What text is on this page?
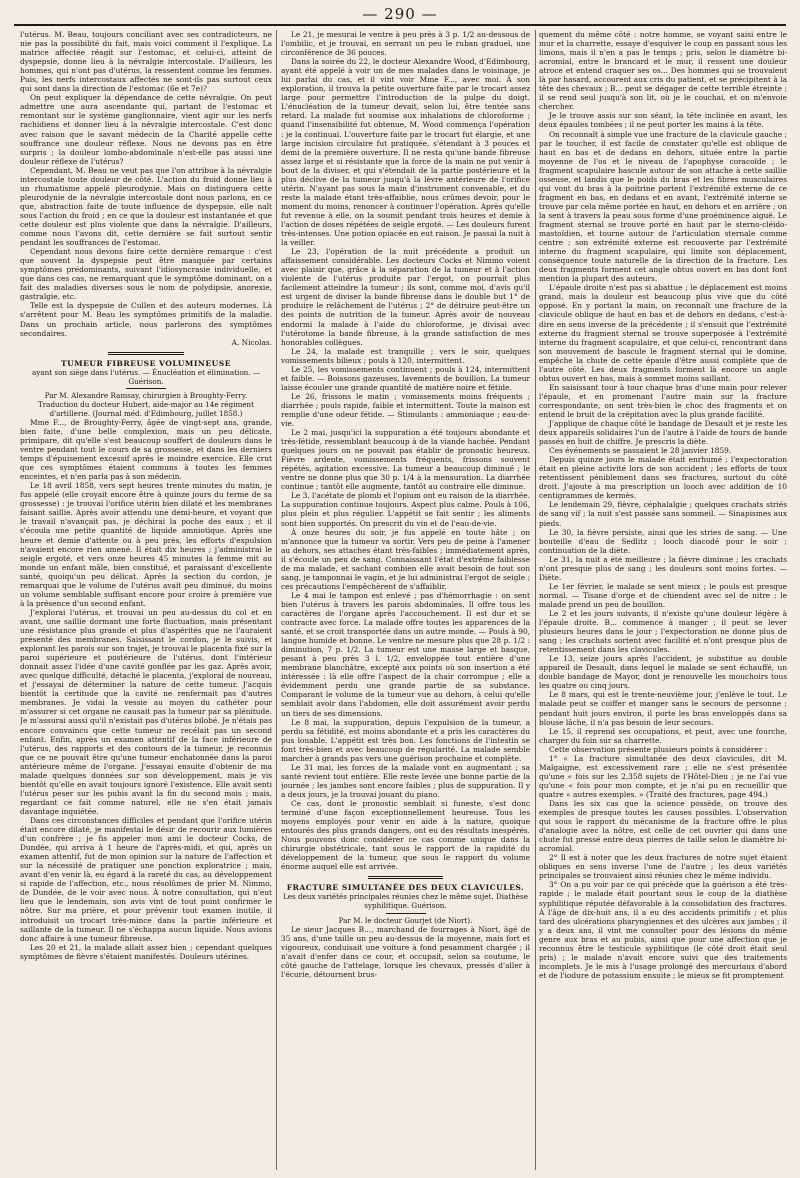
— 290 —

l'utérus. M. Beau, toujours conciliant avec ses contradicteurs, ne nie pas la possibilité du fait, mais voici comment il l'explique. La matrice affectée réagit sur l'estomac, et celui-ci, atteint de dyspepsie, donne lieu à la névralgie intercostale. D'ailleurs, les hommes, qui n'ont pas d'utérus, la ressentent comme les femmes. Puis, les nerfs intercostaux affectés ne sont-ils pas surtout ceux qui sont dans la direction de l'estomac (6e et 7e)?

On peut expliquer la dépendance de cette névralgie. On peut admettre une aura ascendante qui, partant de l'estomac et remontant sur le système ganglionnaire, vient agir sur les nerfs rachidiens et donner lieu à la névralgie intercostale. C'est donc avec raison que le savant médecin de la Charité appelle cette souffrance une douleur réflexe. Nous ne devons pas en être surpris ; la douleur lombo-abdominale n'est-elle pas aussi une douleur réflexe de l'utérus?

Cependant, M. Beau ne veut pas que l'on attribue à la névralgie intercostale toute douleur de côté. L'action du froid donne lieu à un rhumatisme appelé pleurodynie. Mais on distinguera cette pleurodynie de la névralgie intercostale dont nous parlons, en ce que, abstraction faite de toute influence de dyspepsie, elle naît sous l'action du froid ; en ce que la douleur est instantanée et que cette douleur est plus violente que dans la névralgie. D'ailleurs, comme nous l'avons dit, cette dernière se fait surtout sentir pendant les souffrances de l'estomac.

Cependant nous devons faire cette dernière remarque : c'est que souvent la dyspepsie peut être masquée par certains symptômes prédominants, suivant l'idiosyncrasie individuelle, et que dans ces cas, ne remarquant que le symptôme dominant, on a fait des maladies diverses sous le nom de polydipsie, anorexie, gastralgie, etc.

Telle est la dyspepsie de Cullen et des auteurs modernes. Là s'arrêtent pour M. Beau les symptômes primitifs de la maladie. Dans un prochain article, nous parlerons des symptômes secondaires.

A. Nicolas.

TUMEUR FIBREUSE VOLUMINEUSE

ayant son siège dans l'utérus. — Énucléation et élimination. — Guérison.

Par M. Alexandre Ramsay, chirurgien à Broughty-Ferry.

Traduction du docteur Hubert, aide-major au 14e régiment d'artillerie. (Journal méd. d'Edimbourg, juillet 1858.)

Mme F..., de Broughty-Ferry, âgée de vingt-sept ans, grande, bien faite, d'une belle complexion, mais un peu délicate, primipare, dit qu'elle s'est beaucoup souffert de douleurs dans le ventre pendant tout le cours de sa grossesse, et dans les derniers temps d'épuisement excessif après le moindre exercice. Elle crut que ces symptômes étaient communs à toutes les femmes enceintes, et n'en parla pas à son médecin.

Le 18 avril 1858, vers sept heures trente minutes du matin, je fus appelé (elle croyait encore être à quinze jours du terme de sa grossesse) : je trouvai l'orifice utérin bien dilaté et les membranes faisant saillie. Après avoir attendu une demi-heure, et voyant que le travail n'avançait pas, je déchirai la poche des eaux ; et il s'écoula une petite quantité de liquide amniotique. Après une heure et demie d'attente ou à peu près, les efforts d'expulsion n'avaient encore rien amené. Il était dix heures ; j'administrai le seigle ergoté, et vers onze heures 45 minutes la femme mit au monde un enfant mâle, bien constitué, et paraissant d'excellente santé, quoiqu'un peu délicat. Après la section du cordon, je remarquai que le volume de l'utérus avait peu diminué, du moins un volume semblable suffisant encore pour croire à première vue à la présence d'un second enfant.

J'explorai l'utérus, et trouvai un peu au-dessus du col et en avant, une saillie dormant une forte fluctuation, mais présentant une résistance plus grande et plus d'aspérités que ne l'auraient présenté des membranes. Saisissant le cordon, je le suivis, et explorant les parois sur son trajet, je trouvai le placenta fixé sur la paroi supérieure et postérieure de l'utérus, dont l'intérieur donnait assez l'idée d'une cavité gonflée par les gaz. Après avoir, avec quelque difficulté, détaché le placenta, j'explorai de nouveau, et j'essayai de déterminer la nature de cette tumeur. J'acquis bientôt la certitude que la cavité ne renfermait pas d'autres membranes. Je vidai la vessie au moyen du cathéter pour m'assurer si cet organe ne causait pas la tumeur par sa plénitude. Je m'assurai aussi qu'il n'existait pas d'utérus bilobé. Je n'étais pas encore convaincu que cette tumeur ne recélait pas un second enfant. Enfin, après un examen attentif de la face inférieure de l'utérus, des rapports et des contours de la tumeur, je reconnus que ce ne pouvait être qu'une tumeur enchatonnée dans la paroi antérieure même de l'organe. J'essayai ensuite d'obtenir de ma malade quelques données sur son développement, mais je vis bientôt qu'elle en avait toujours ignoré l'existence. Elle avait senti l'utérus peser sur les pubis avant la fin du second mois ; mais, regardant ce fait comme naturel, elle ne s'en était jamais davantage inquiétée.

Dans ces circonstances difficiles et pendant que l'orifice utérin était encore dilaté, je manifestai le désir de recourir aux lumières d'un confrère ; je fis appeler mon ami le docteur Cocks, de Dundée, qui arriva à 1 heure de l'après-midi, et qui, après un examen attentif, fut de mon opinion sur la nature de l'affection et sur la nécessité de pratiquer une ponction exploratrice ; mais, avant d'en venir là, eu égard à la rareté du cas, au développement si rapide de l'affection, etc., nous résolûmes de prier M. Nimmo, de Dundée, de le voir avec nous. À notre consultation, qui n'eut lieu que le lendemain, son avis vint de tout point confirmer le nôtre. Sur ma prière, et pour prévenir tout examen inutile, il introduisit un trocart très-mince dans la partie inférieure et saillante de la tumeur. Il ne s'échappa aucun liquide. Nous avions donc affaire à une tumeur fibreuse.

Les 20 et 21, la malade allait assez bien ; cependant quelques symptômes de fièvre s'étaient manifestés. Douleurs utérines.

Le 21, je mesurai le ventre à peu près à 3 p. 1/2 au-dessous de l'ombilic, et je trouvai, en serrant un peu le ruban graduel, une circonférence de 36 pouces.

Dans la soirée du 22, le docteur Alexandre Wood, d'Edimbourg, ayant été appelé à voir un de mes malades dans le voisinage, je lui parlai du cas, et il vint voir Mme F..., avec moi. À son exploration, il trouva la petite ouverture faite par le trocart assez large pour permettre l'introduction de la pulpe du doigt. L'énucléation de la tumeur devait, selon lui, être tentée sans retard. La malade fut soumise aux inhalations de chloroforme ; quand l'insensibilité fut obtenue, M. Wood commença l'opération : je la continuai. L'ouverture faite par le trocart fut élargie, et une large incision circulaire fut pratiquée, s'étendant à 3 pouces et demi de la première ouverture. Il ne resta qu'une bande fibreuse assez large et si résistante que la force de la main ne put venir à bout de la diviser, et qui s'étendait de la partie postérieure et la plus déclive de la tumeur jusqu'à la lèvre antérieure de l'orifice utérin. N'ayant pas sous la main d'instrument convenable, et du reste la malade étant très-affaiblie, nous crûmes devoir, pour le moment du moins, renoncer à continuer l'opération. Après qu'elle fut revenue à elle, on la soumit pendant trois heures et demie à l'action de doses répétées de seigle ergoté. — Les douleurs furent très-intenses. Une potion opiacée en eut raison. Je passai la nuit à la veiller.

Le 23, l'opération de la nuit précédente a produit un affaissement considérable. Les docteurs Cocks et Nimmo voient avec plaisir que, grâce à la séparation de la tumeur et à l'action violente de l'utérus produite par l'ergot, on pourrait plus facilement atteindre la tumeur ; ils sont, comme moi, d'avis qu'il est urgent de diviser la bande fibreuse dans le double but 1° de produire le relâchement de l'utérus ; 2° de détruire peut-être un des points de nutrition de la tumeur. Après avoir de nouveau endormi la malade à l'aide du chloroforme, je divisai avec l'utérotome la bande fibreuse, à la grande satisfaction de mes honorables collègues.

Le 24, la malade est tranquille ; vers le soir, quelques vomissements bilieux ; pouls à 120, intermittent.

Le 25, les vomissements continuent ; pouls à 124, intermittent et faible. — Boissons gazeuses, lavements de bouillon. La tumeur laisse écouler une grande quantité de matière noire et fétide.

Le 26, frissons le matin ; vomissements moins fréquents ; diarrhée ; pouls rapide, faible et intermittent. Toute la maison est remplie d'une odeur fétide. — Stimulants : ammoniaque ; eau-de-vie.

Le 2 mai, jusqu'ici la suppuration a été toujours abondante et très-fétide, ressemblant beaucoup à de la viande hachée. Pendant quelques jours on ne pouvait pas établir de pronostic heureux. Fièvre ardente, vomissements fréquents, frissons souvent répétés, agitation excessive. La tumeur a beaucoup diminué ; le ventre ne donne plus que 30 p. 1/4 à la mensuration. La diarrhée continue ; tantôt elle augmente, tantôt au contraire elle diminue.

Le 3, l'acétate de plomb et l'opium ont eu raison de la diarrhée. La suppuration continue toujours. Aspect plus calme. Pouls à 106, plus plein et plus régulier. L'appétit se fait sentir ; les aliments sont bien supportés. On prescrit du vin et de l'eau-de-vie.

À onze heures du soir, je fus appelé en toute hâte ; on m'annonce que la tumeur va sortir. Vers peu de peine à l'amener au dehors, ses attaches étant très-faibles ; immédiatement après, il s'écoule un peu de sang. Connaissant l'état d'extrême faiblesse de ma malade, et sachant combien elle avait besoin de tout son sang, je tamponnai le vagin, et je lui administrai l'ergot de seigle ; ces précautions l'empêchèrent de s'affaiblir.

Le 4 mai le tampon est enlevé ; pas d'hémorrhagie : on sent bien l'utérus à travers les parois abdominales. Il offre tous les caractères de l'organe après l'accouchement. Il est dur et se contracte avec force. La malade offre toutes les apparences de la santé, et se croit transportée dans un autre monde. — Pouls à 90, langue humide et bonne. Le ventre ne mesure plus que 28 p. 1/2 : diminution, 7 p. 1/2. La tumeur est une masse large et basque, pesant à peu près 3 l. 1/2, enveloppée tout entière d'une membrane blanchâtre, excepté aux points où son insertion a été intéressée : là elle offre l'aspect de la chair corrompue ; elle a évidemment perdu une grande partie de sa substance. Comparant le volume de la tumeur vue au dehors, à celui qu'elle semblait avoir dans l'abdomen, elle doit assurément avoir perdu un tiers de ses dimensions.

Le 8 mai, la suppuration, depuis l'expulsion de la tumeur, a perdu sa fétidité, est moins abondante et a pris les caractères du pus louable. L'appétit est très bon. Les fonctions de l'intestin se font très-bien et avec beaucoup de régularité. La malade semble marcher à grands pas vers une guérison prochaine et complète.

Le 31 mai, les forces de la malade vont en augmentant ; sa santé revient tout entière. Elle reste levée une bonne partie de la journée ; les jambes sont encore faibles ; plus de suppuration. Il y a deux jours, je la trouvai jouant du piano.

Ce cas, dont le pronostic semblait si funeste, s'est donc terminé d'une façon exceptionnellement heureuse. Tous les moyens employés pour venir en aide à la nature, quoique entourés des plus grands dangers, ont eu des résultats inespérés. Nous pouvons donc considérer ce cas comme unique dans la chirurgie obstétricale, tant sous le rapport de la rapidité du développement de la tumeur, que sous le rapport du volume énorme auquel elle est arrivée.

FRACTURE SIMULTANÉE DES DEUX CLAVICULES.

Les deux variétés principales réunies chez le même sujet. Diathèse syphilitique. Guérison.

Par M. le docteur Gourjet (de Niort).

Le sieur Jacques B..., marchand de fourrages à Niort, âgé de 35 ans, d'une taille un peu au-dessus de la moyenne, mais fort et vigoureux, conduisait une voiture à fond pesamment chargée ; il n'avait d'enfer dans ce cour, et occupait, selon sa coutume, le côté gauche de l'attelage, lorsque les chevaux, pressés d'aller à l'écurie, détournent brus-

quement du même côté : notre homme, se voyant saisi entre le mur et la charrette, essaye d'esquiver le coup en passant sous les limons, mais il n'en a pas le temps ; pris, selon le diamètre bi-acromial, entre le brancard et le mur, il ressent une douleur atroce et entend craquer ses os... Des hommes qui se trouvaient là par hasard, accourent aux cris du patient, et se précipitent à la tête des chevaux ; B... peut se dégager de cette terrible étreinte ; il se rend seul jusqu'à son lit, où je le couchai, et on m'envoie chercher.

Je le trouve assis sur son séant, la tête inclinée en avant, les deux épaules tombées ; il ne peut porter les mains à la tête.

On reconnaît à simple vue une fracture de la clavicule gauche ; par le toucher, il est facile de constater qu'elle est oblique de haut en bas et de dedans en dehors, située entre la partie moyenne de l'os et le niveau de l'apophyse coracoïde ; le fragment scapulaire bascule autour de son attache à cette saillie osseuse, et landis que le poids du bras et les fibres musculaires qui vont du bras à la poitrine portent l'extrémité externe de ce fragment en bas, en dedans et en avant, l'extrémité interne se trouve par cela même portée en haut, en dehors et en arrière ; on la sent à travers la peau sous forme d'une proéminence aiguë. Le fragment sternal se trouve porté en haut par le sterno-cléido-mastoïdien, et tourne autour de l'articulation sternale comme centre ; son extrémité externe est recouverte par l'extrémité interne du fragment scapulaire, qui limite son déplacement, conséquence toute naturelle de la direction de la fracture. Les deux fragments forment cet angle obtus ouvert en bas dont font mention la plupart des auteurs.

L'épaule droite n'est pas si abattue ; le déplacement est moins grand, mais la douleur est beaucoup plus vive que du côté opposé. En y portant la main, on reconnaît une fracture de la clavicule oblique de haut en bas et de dehors en dedans, c'est-à-dire en sens inverse de la précédente ; il s'ensuit que l'extrémité externe du fragment sternal se trouve superposée à l'extrémité interne du fragment scapulaire, et que celui-ci, rencontrant dans son mouvement de bascule le fragment sternal qui le domine, empêche la chute de cette épaule d'être aussi complète que de l'autre côté. Les deux fragments forment là encore un angle obtus ouvert en bas, mais à sommet moins saillant.

En saisissant tour à tour chaque bras d'une main pour relever l'épaule, et en promenant l'autre main sur la fracture correspondante, on sent très-bien le choc des fragments et on entend le bruit de la crépitation avec la plus grande facilité.

J'applique de chaque côté le bandage de Desault et je reste les deux appareils solidaires l'un de l'autre à l'aide de tours de bande passés en huit de chiffre. Je prescris la diète.

Ces événements se passaient le 28 janvier 1859.

Depuis quinze jours le malade était enrhumé ; l'expectoration était en pleine activité lors de son accident ; les efforts de toux retentissent péniblement dans ses fractures, surtout du côté droit. J'ajoute à ma prescription un looch avec addition de 10 centigrammes de kermès.

Le lendemain 29, fièvre, céphalalgie ; quelques crachats striés de sang vif ; la nuit s'est passée sans sommeil. — Sinapismes aux pieds.

Le 30, la fièvre persiste, ainsi que les stries de sang. — Une bouteille d'eau de Sedlitz ; looch diacodé pour le soir ; continuation de la diète.

Le 31, la nuit a été meilleure ; la fièvre diminue ; les crachats n'ont presque plus de sang ; les douleurs sont moins fortes. — Diète.

Le 1er février, le malade se sent mieux ; le pouls est presque normal. — Tisane d'orge et de chiendent avec sel de nitre ; le malade prend un peu de bouillon.

Le 2 et les jours suivants, il n'existe qu'une douleur légère à l'épaule droite. B... commence à manger ; il peut se lever plusieurs heures dans le jour ; l'expectoration ne donne plus de sang ; les crachats sortent avec facilité et n'ont presque plus de retentissement dans les clavicules.

Le 13, seize jours après l'accident, je substitue au double appareil de Desault, dans lequel le malade se sent échauffé, un double bandage de Mayor, dont je renouvelle les mouchoirs tous les quatre ou cinq jours.

Le 8 mars, qui est le trente-neuvième jour, j'enlève le tout. Le malade peut se coiffer et manger sans le secours de personne ; pendant huit jours environ, il porte les bras enveloppés dans sa blouse lâche, il n'a pas besoin de leur secours.

Le 15, il reprend ses occupations, et peut, avec une fourche, charger du foin sur sa charrette.

Cette observation présente plusieurs points à considérer :

1° « La fracture simultanée des deux clavicules, dit M. Malgaigne, est excessivement rare ; elle ne s'est présentée qu'une « fois sur les 2,358 sujets de l'Hôtel-Dieu ; je ne l'ai vue qu'une « fois pour mon compte, et je n'ai pu en recueillir que quatre « autres exemples. » (Traité des fractures, page 494.)

Dans les six cas que la science possède, on trouve des exemples de presque toutes les causes possibles. L'observation qui sous le rapport du mécanisme de la fracture offre le plus d'analogie avec la nôtre, est celle de cet ouvrier qui dans une chute fut pressé entre deux pierres de taille selon le diamètre bi-acromial.

2° Il est à noter que les deux fractures de notre sujet étaient obliques en sens inverse l'une de l'autre ; les deux variétés principales se trouvaient ainsi réunies chez le même individu.

3° On a pu voir par ce qui précède que la guérison a été très-rapide ; le malade était pourtant sous le coup de la diathèse syphilitique réputée défavorable à la consolidation des fractures. À l'âge de dix-huit ans, il a eu des accidents primitifs ; et plus tard des ulcérations pharyngiennes et des ulcères aux jambes ; il y a deux ans, il vint me consulter pour des lésions du même genre aux bras et au pubis, ainsi que pour une affection que je reconnus être le testicule syphilitique (le côté droit était seul pris) ; le malade n'avait encore suivi que des traitements incomplets. Je le mis à l'usage prolongé des mercuriaux d'abord et de l'iodure de potassium ensuite ; le mieux se fit promptement
